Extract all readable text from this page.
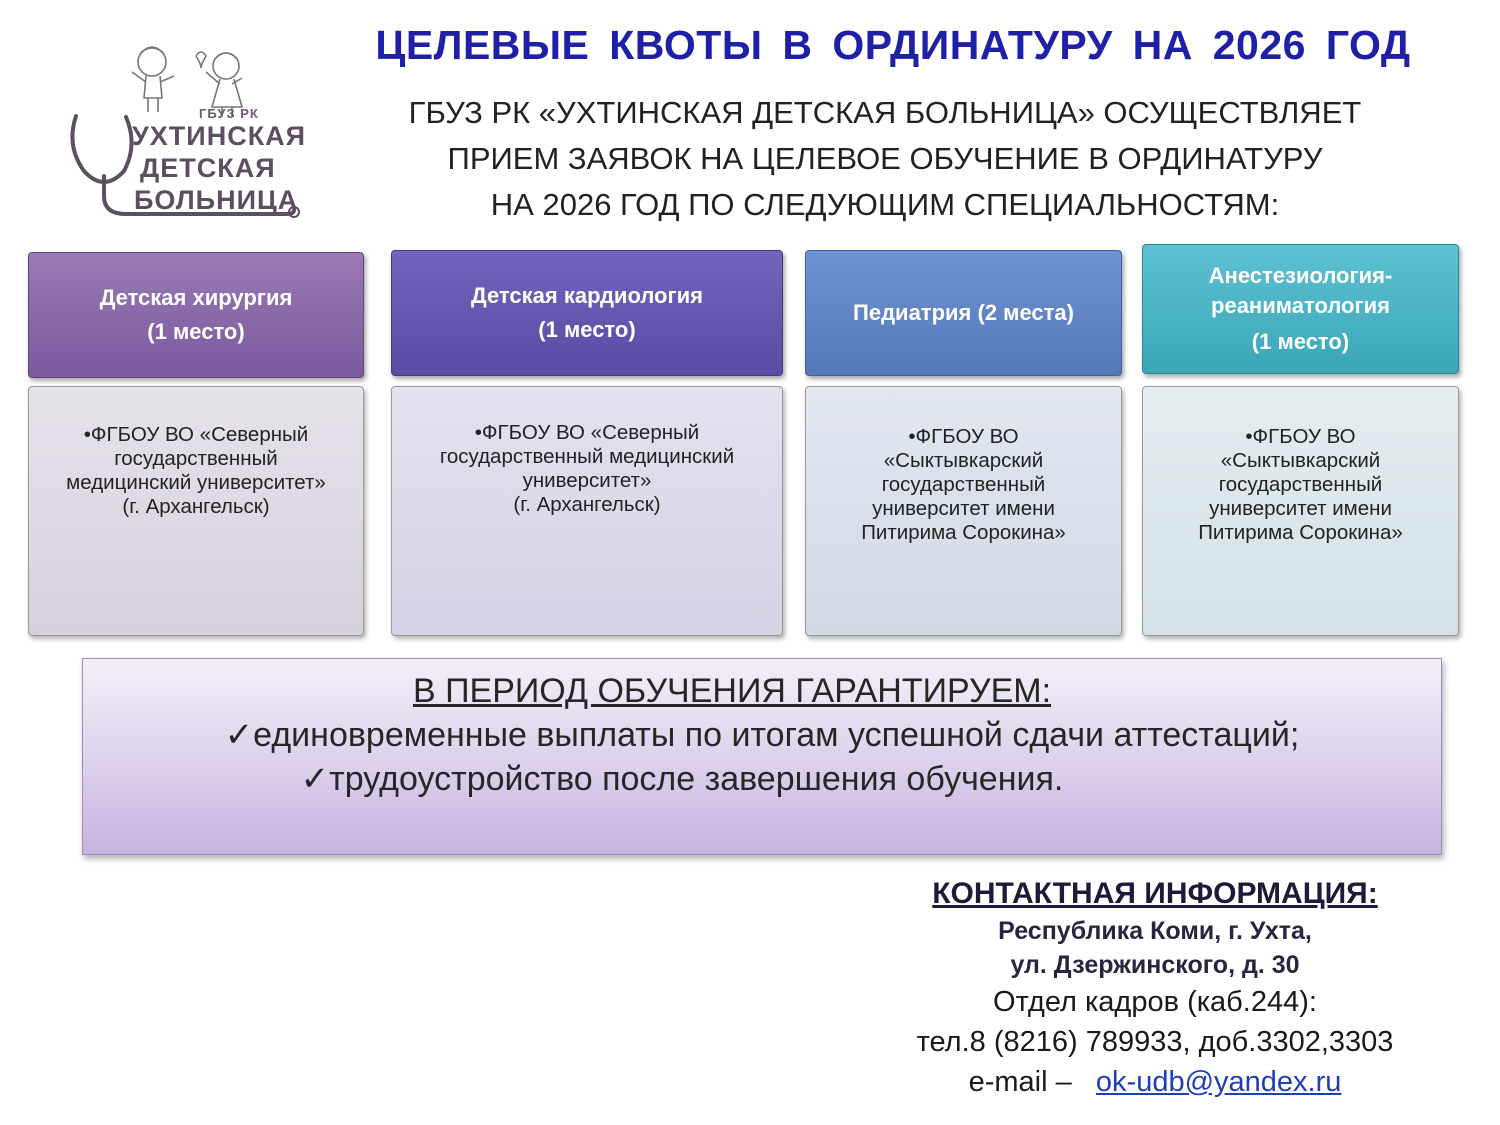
ГБУЗ РК
УХТИНСКАЯ
ДЕТСКАЯ
БОЛЬНИЦА
ЦЕЛЕВЫЕ КВОТЫ В ОРДИНАТУРУ НА 2026 ГОД
ГБУЗ РК «УХТИНСКАЯ ДЕТСКАЯ БОЛЬНИЦА» ОСУЩЕСТВЛЯЕТ
ПРИЕМ ЗАЯВОК НА ЦЕЛЕВОЕ ОБУЧЕНИЕ В ОРДИНАТУРУ
НА 2026 ГОД ПО СЛЕДУЮЩИМ СПЕЦИАЛЬНОСТЯМ:
Детская хирургия
(1 место)
•ФГБОУ ВО «Северный
государственный
медицинский университет»
(г. Архангельск)
Детская кардиология
(1 место)
•ФГБОУ ВО «Северный
государственный медицинский
университет»
(г. Архангельск)
Педиатрия (2 места)
•ФГБОУ ВО
«Сыктывкарский
государственный
университет имени
Питирима Сорокина»
Анестезиология-
реаниматология
(1 место)
•ФГБОУ ВО
«Сыктывкарский
государственный
университет имени
Питирима Сорокина»
В ПЕРИОД ОБУЧЕНИЯ ГАРАНТИРУЕМ:
✓единовременные выплаты по итогам успешной сдачи аттестаций;
✓трудоустройство после завершения обучения.
КОНТАКТНАЯ ИНФОРМАЦИЯ:
Республика Коми, г. Ухта,
ул. Дзержинского, д. 30
Отдел кадров (каб.244):
тел.8 (8216) 789933, доб.3302,3303
e-mail – ok-udb@yandex.ru
